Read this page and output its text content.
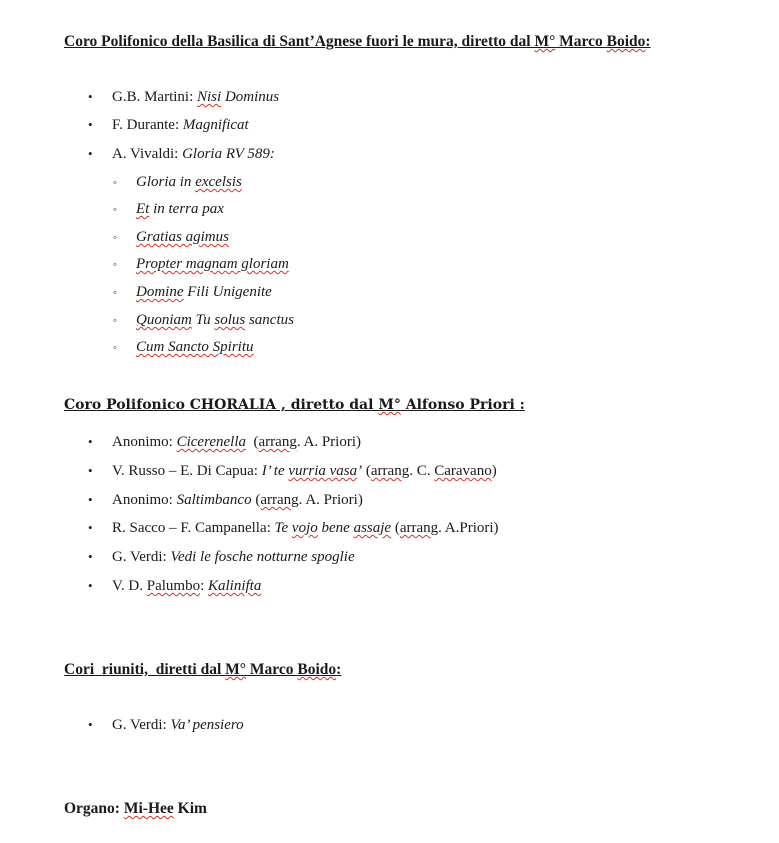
Coro Polifonico della Basilica di Sant’Agnese fuori le mura, diretto dal M° Marco Boido:
• G.B. Martini: Nisi Dominus
• F. Durante: Magnificat
• A. Vivaldi: Gloria RV 589:
◦ Gloria in excelsis
◦ Et in terra pax
◦ Gratias agimus
◦ Propter magnam gloriam
◦ Domine Fili Unigenite
◦ Quoniam Tu solus sanctus
◦ Cum Sancto Spiritu
Coro Polifonico CHORALIA , diretto dal M° Alfonso Priori :
• Anonimo: Cicerenella  (arrang. A. Priori)
• V. Russo – E. Di Capua: I’ te vurria vasa’ (arrang. C. Caravano)
• Anonimo: Saltimbanco (arrang. A. Priori)
• R. Sacco – F. Campanella: Te vojo bene assaje (arrang. A.Priori)
• G. Verdi: Vedi le fosche notturne spoglie
• V. D. Palumbo: Kalinifta
Cori  riuniti,  diretti dal M° Marco Boido:
• G. Verdi: Va’ pensiero
Organo: Mi-Hee Kim
